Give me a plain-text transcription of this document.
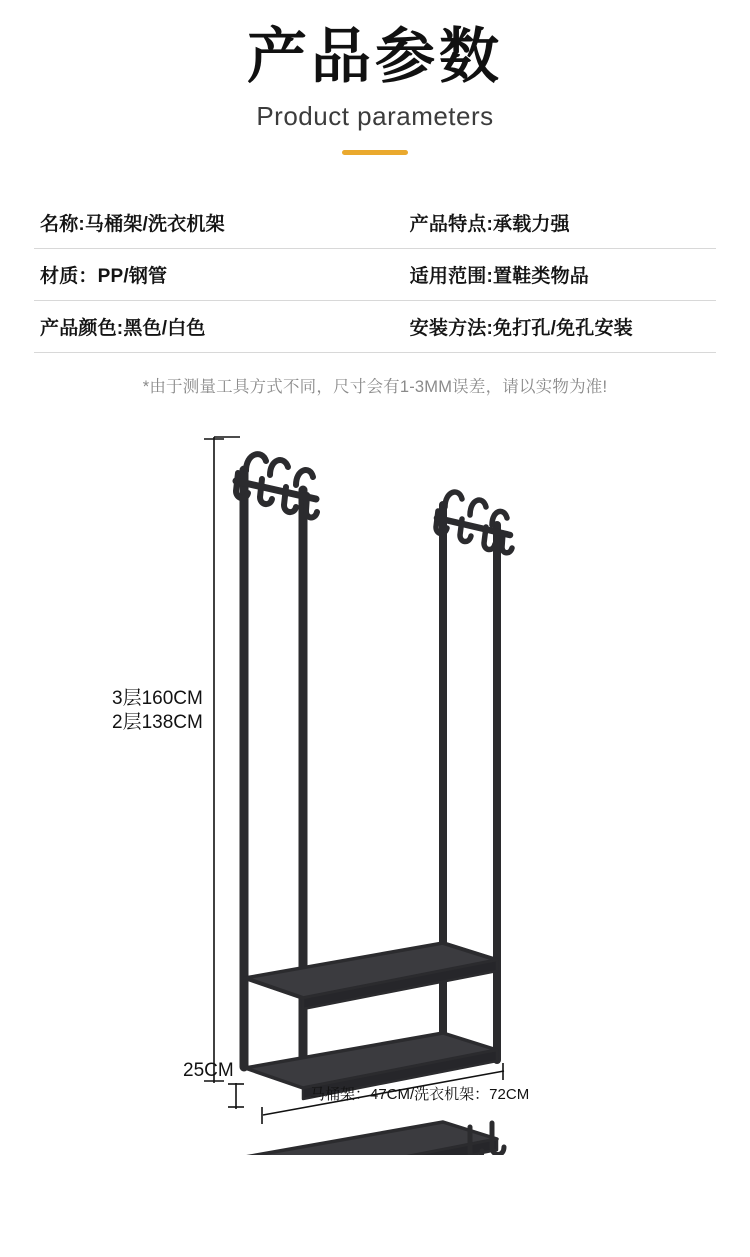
产品参数
Product parameters
名称:马桶架/洗衣机架	产品特点:承载力强
材质：PP/钢管	适用范围:置鞋类物品
产品颜色:黑色/白色	安装方法:免打孔/免孔安装
*由于测量工具方式不同，尺寸会有1-3MM误差，请以实物为准!
3层160CM
2层138CM
25CM
马桶架：47CM/洗衣机架：72CM
